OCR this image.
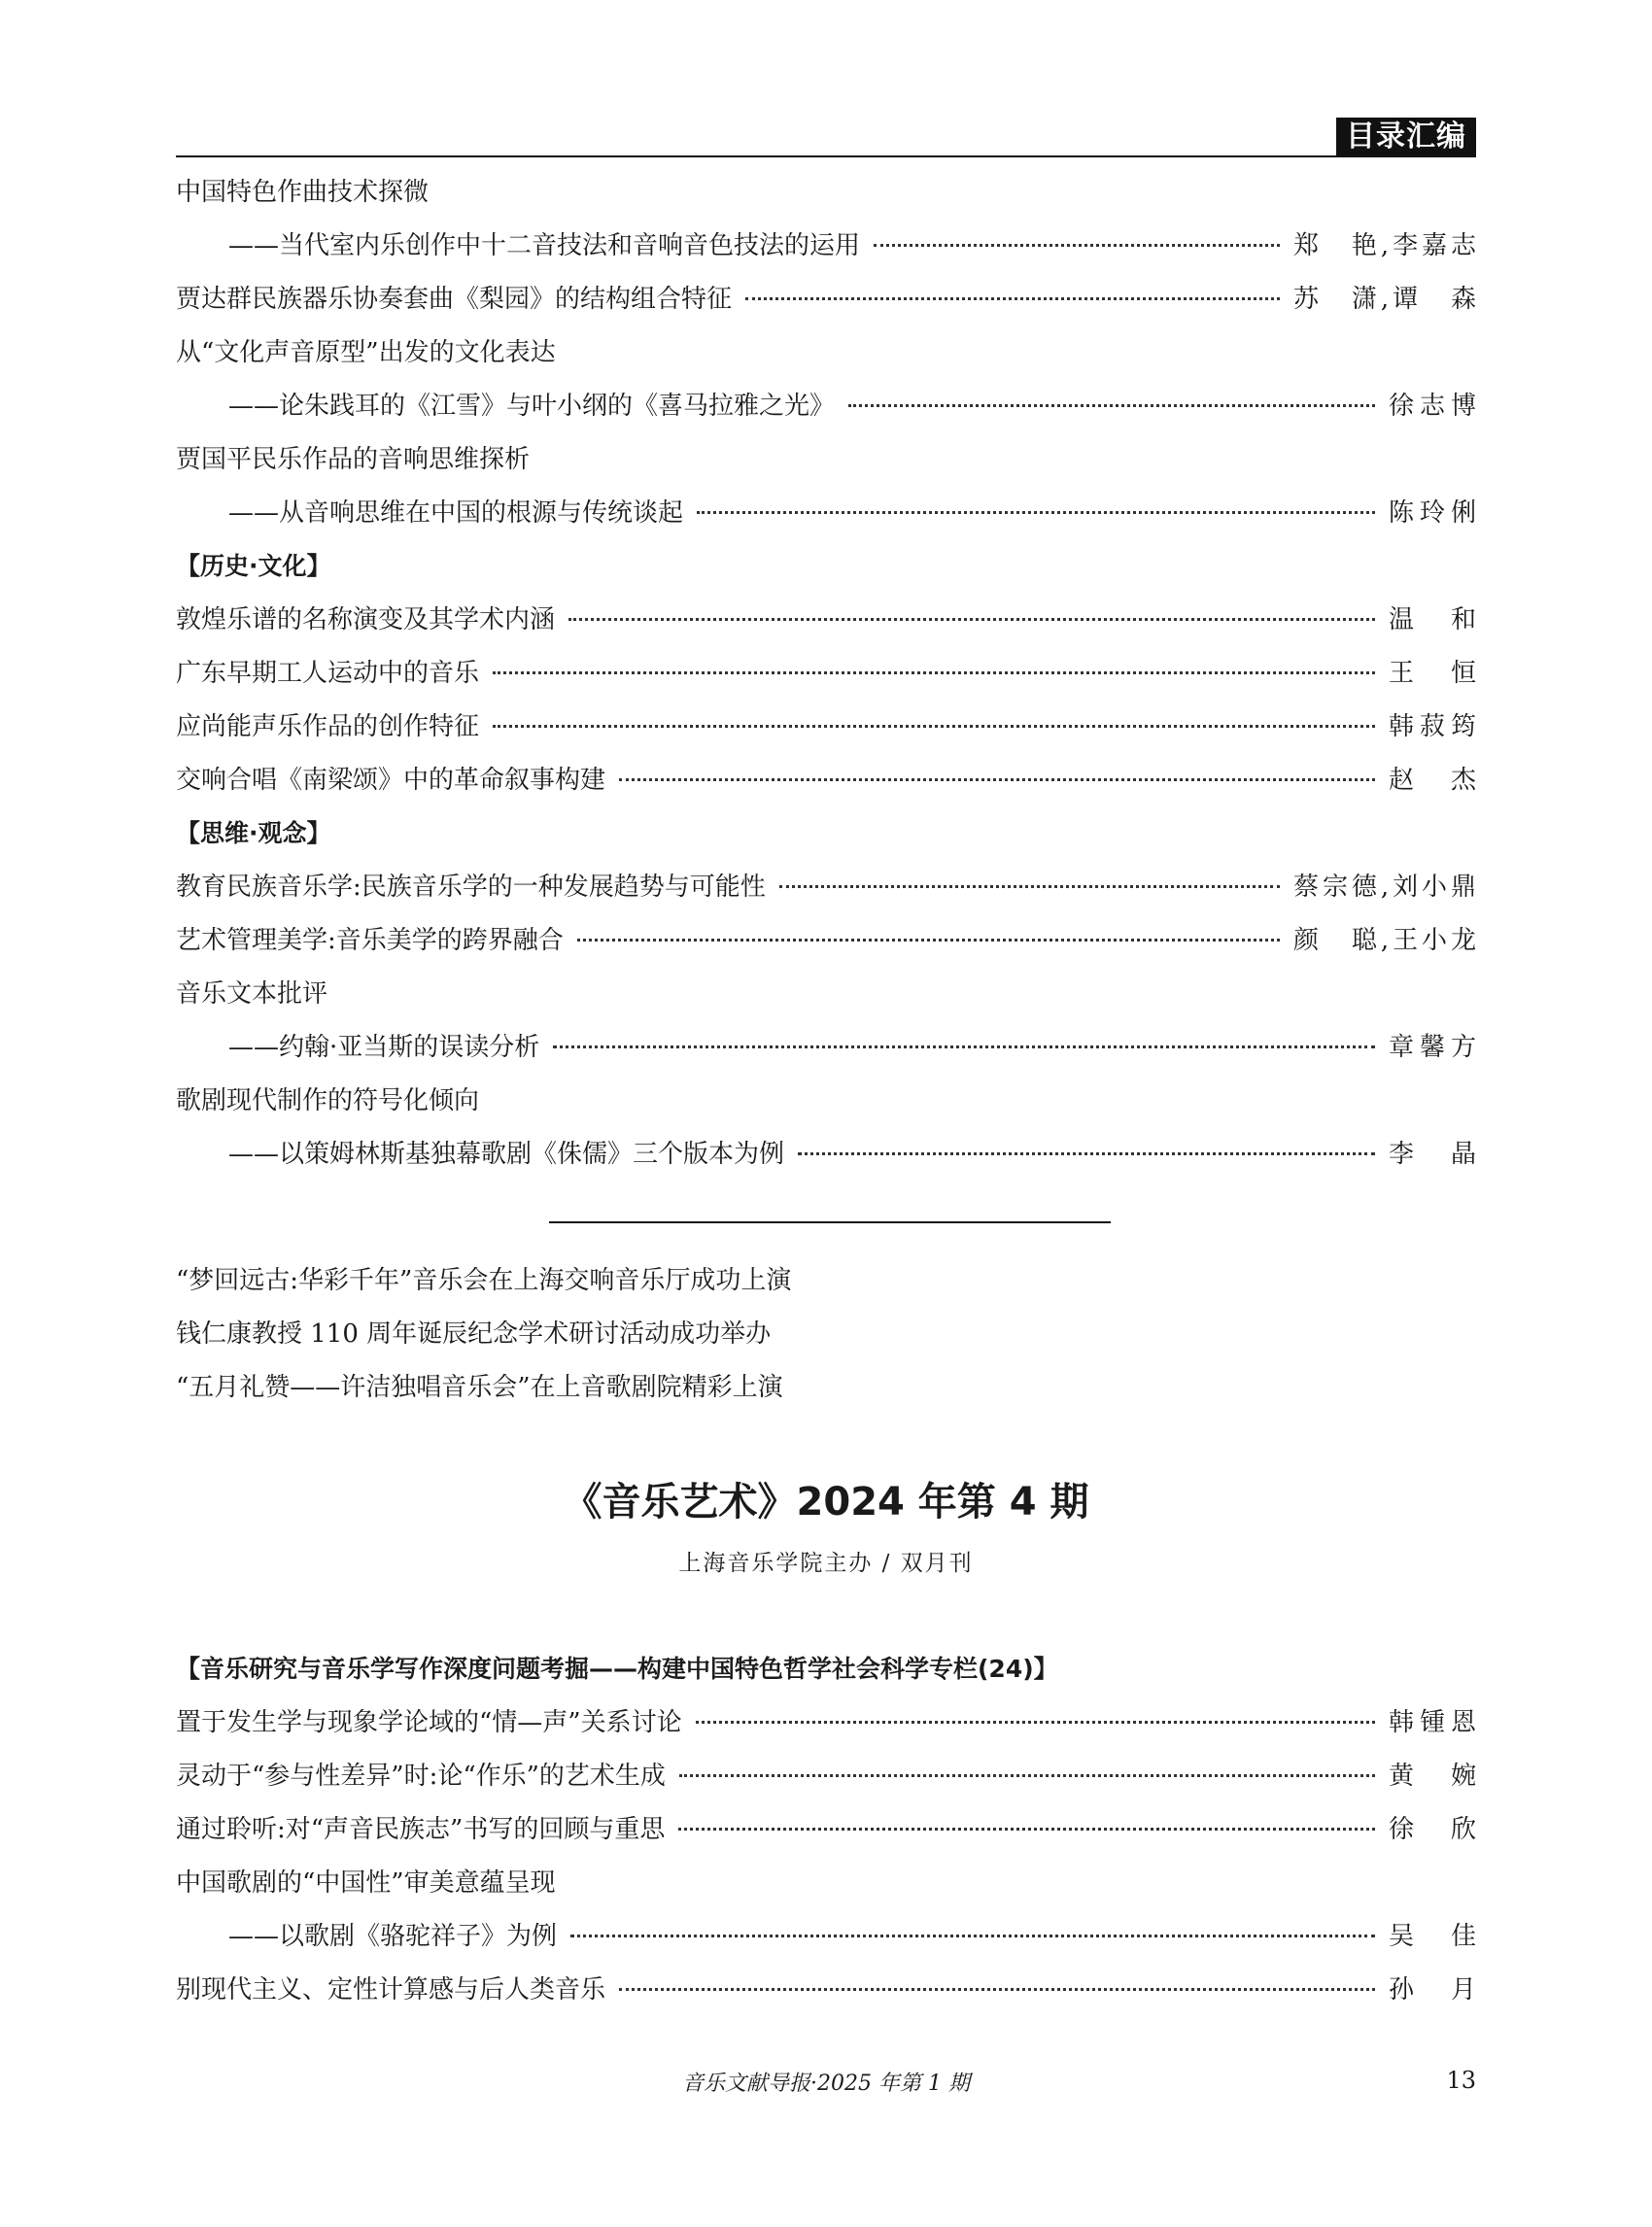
目录汇编
中国特色作曲技术探微
——当代室内乐创作中十二音技法和音响音色技法的运用	郑　艳,李嘉志
贾达群民族器乐协奏套曲《梨园》的结构组合特征	苏　潇,谭　森
从“文化声音原型”出发的文化表达
——论朱践耳的《江雪》与叶小纲的《喜马拉雅之光》	徐志博
贾国平民乐作品的音响思维探析
——从音响思维在中国的根源与传统谈起	陈玲俐
【历史·文化】
敦煌乐谱的名称演变及其学术内涵	温　和
广东早期工人运动中的音乐	王　恒
应尚能声乐作品的创作特征	韩菽筠
交响合唱《南梁颂》中的革命叙事构建	赵　杰
【思维·观念】
教育民族音乐学:民族音乐学的一种发展趋势与可能性	蔡宗德,刘小鼎
艺术管理美学:音乐美学的跨界融合	颜　聪,王小龙
音乐文本批评
——约翰·亚当斯的误读分析	章馨方
歌剧现代制作的符号化倾向
——以策姆林斯基独幕歌剧《侏儒》三个版本为例	李　晶
“梦回远古:华彩千年”音乐会在上海交响音乐厅成功上演
钱仁康教授 110 周年诞辰纪念学术研讨活动成功举办
“五月礼赞——许洁独唱音乐会”在上音歌剧院精彩上演
《音乐艺术》2024 年第 4 期
上海音乐学院主办 / 双月刊
【音乐研究与音乐学写作深度问题考掘——构建中国特色哲学社会科学专栏(24)】
置于发生学与现象学论域的“情—声”关系讨论	韩锺恩
灵动于“参与性差异”时:论“作乐”的艺术生成	黄　婉
通过聆听:对“声音民族志”书写的回顾与重思	徐　欣
中国歌剧的“中国性”审美意蕴呈现
——以歌剧《骆驼祥子》为例	吴　佳
别现代主义、定性计算感与后人类音乐	孙　月
音乐文献导报·2025 年第 1 期	13
